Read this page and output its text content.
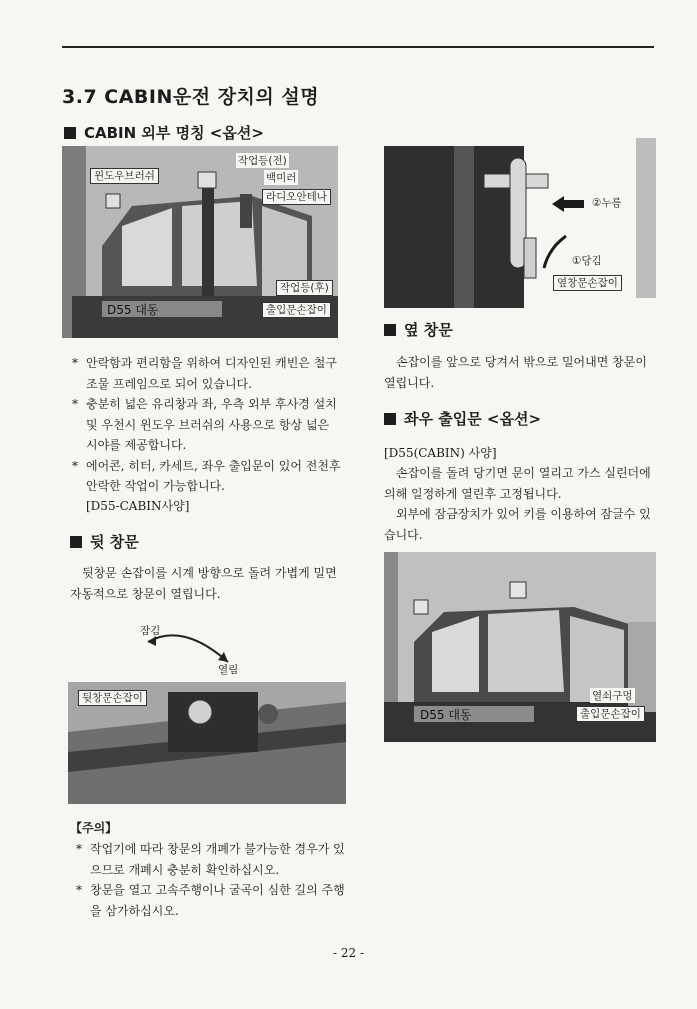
3.7 CABIN운전 장치의 설명
CABIN 외부 명칭 <옵션>
D55 대동
작업등(전)
윈도우브러쉬	백미러
라디오안테나
작업등(후)
출입문손잡이
* 안락함과 편리함을 위하여 디자인된 캐빈은 철구조물 프레임으로 되어 있습니다.
* 충분히 넓은 유리창과 좌, 우측 외부 후사경 설치 및 우천시 윈도우 브러쉬의 사용으로 항상 넓은 시야를 제공합니다.
* 에어콘, 히터, 카세트, 좌우 출입문이 있어 전천후 안락한 작업이 가능합니다.
[D55-CABIN사양]
뒷 창문
뒷창문 손잡이를 시계 방향으로 돌려 가볍게 밀면 자동적으로 창문이 열립니다.
잠김
열림
뒷창문손잡이
【주의】
* 작업기에 따라 창문의 개폐가 불가능한 경우가 있으므로 개폐시 충분히 확인하십시오.
* 창문을 열고 고속주행이나 굴곡이 심한 길의 주행을 삼가하십시오.
②누름
①당김
옆창문손잡이
옆 창문
손잡이를 앞으로 당겨서 밖으로 밀어내면 창문이 열립니다.
좌우 출입문 <옵션>
[D55(CABIN) 사양]
손잡이를 돌려 당기면 문이 열리고 가스 실린더에 의해 일정하게 열린후 고정됩니다.
외부에 잠금장치가 있어 키를 이용하여 잠글수 있습니다.
D55 대동
열쇠구멍
출입문손잡이
- 22 -
